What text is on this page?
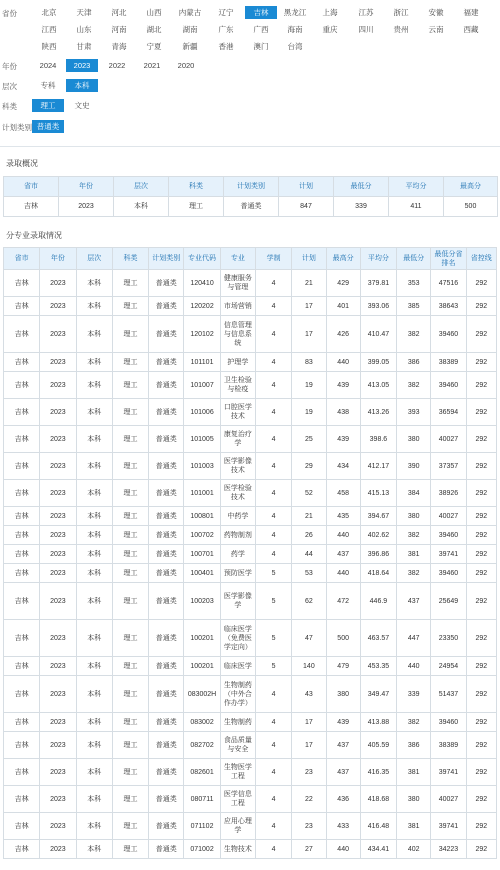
省份	北京	天津	河北	山西	内蒙古	辽宁	吉林	黑龙江	上海	江苏	浙江	安徽	福建
江西	山东	河南	湖北	湖南	广东	广西	海南	重庆	四川	贵州	云南	西藏
陕西	甘肃	青海	宁夏	新疆	香港	澳门	台湾
年份	2024	2023	2022	2021	2020
层次	专科	本科
科类	理工	文史
计划类别 普通类
录取概况
省市	年份	层次	科类	计划类别	计划	最低分	平均分	最高分
吉林	2023	本科	理工	普通类	847	339	411	500
分专业录取情况
省市	年份	层次	科类	计划类别	专业代码	专业	学制	计划	最高分	平均分	最低分	最低分省排名	省控线
吉林	2023	本科	理工	普通类	120410	健康服务与管理	4	21	429	379.81	353	47516	292
吉林	2023	本科	理工	普通类	120202	市场营销	4	17	401	393.06	385	38643	292
吉林	2023	本科	理工	普通类	120102	信息管理与信息系统	4	17	426	410.47	382	39460	292
吉林	2023	本科	理工	普通类	101101	护理学	4	83	440	399.05	386	38389	292
吉林	2023	本科	理工	普通类	101007	卫生检验与检疫	4	19	439	413.05	382	39460	292
吉林	2023	本科	理工	普通类	101006	口腔医学技术	4	19	438	413.26	393	36594	292
吉林	2023	本科	理工	普通类	101005	康复治疗学	4	25	439	398.6	380	40027	292
吉林	2023	本科	理工	普通类	101003	医学影像技术	4	29	434	412.17	390	37357	292
吉林	2023	本科	理工	普通类	101001	医学检验技术	4	52	458	415.13	384	38926	292
吉林	2023	本科	理工	普通类	100801	中药学	4	21	435	394.67	380	40027	292
吉林	2023	本科	理工	普通类	100702	药物制剂	4	26	440	402.62	382	39460	292
吉林	2023	本科	理工	普通类	100701	药学	4	44	437	396.86	381	39741	292
吉林	2023	本科	理工	普通类	100401	预防医学	5	53	440	418.64	382	39460	292
吉林	2023	本科	理工	普通类	100203	医学影像学	5	62	472	446.9	437	25649	292
吉林	2023	本科	理工	普通类	100201	临床医学（免费医学定向）	5	47	500	463.57	447	23350	292
吉林	2023	本科	理工	普通类	100201	临床医学	5	140	479	453.35	440	24954	292
吉林	2023	本科	理工	普通类	083002H	生物制药（中外合作办学）	4	43	380	349.47	339	51437	292
吉林	2023	本科	理工	普通类	083002	生物制药	4	17	439	413.88	382	39460	292
吉林	2023	本科	理工	普通类	082702	食品质量与安全	4	17	437	405.59	386	38389	292
吉林	2023	本科	理工	普通类	082601	生物医学工程	4	23	437	416.35	381	39741	292
吉林	2023	本科	理工	普通类	080711	医学信息工程	4	22	436	418.68	380	40027	292
吉林	2023	本科	理工	普通类	071102	应用心理学	4	23	433	416.48	381	39741	292
吉林	2023	本科	理工	普通类	071002	生物技术	4	27	440	434.41	402	34223	292
